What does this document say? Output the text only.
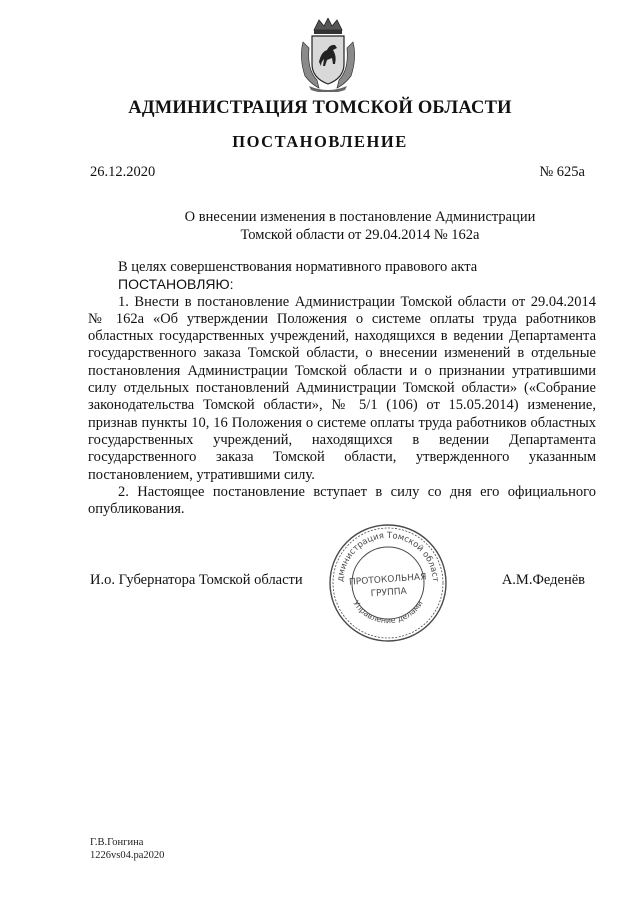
АДМИНИСТРАЦИЯ ТОМСКОЙ ОБЛАСТИ
ПОСТАНОВЛЕНИЕ
26.12.2020	№ 625а
О внесении изменения в постановление Администрации
Томской области от 29.04.2014 № 162а

В целях совершенствования нормативного правового акта

ПОСТАНОВЛЯЮ:

1. Внести в постановление Администрации Томской области от 29.04.2014 № 162а «Об утверждении Положения о системе оплаты труда работников областных государственных учреждений, находящихся в ведении Департамента государственного заказа Томской области, о внесении изменений в отдельные постановления Администрации Томской области и о признании утратившими силу отдельных постановлений Администрации Томской области» («Собрание законодательства Томской области», № 5/1 (106) от 15.05.2014) изменение, признав пункты 10, 16 Положения о системе оплаты труда работников областных государственных учреждений, находящихся в ведении Департамента государственного заказа Томской области, утвержденного указанным постановлением, утратившими силу.

2. Настоящее постановление вступает в силу со дня его официального опубликования.

И.о. Губернатора Томской области	А.М.Феденёв
дминистрация Томской област
Управление делами
ПРОТОКОЛЬНАЯ
ГРУППА
Г.В.Гонгина
1226vs04.pa2020
